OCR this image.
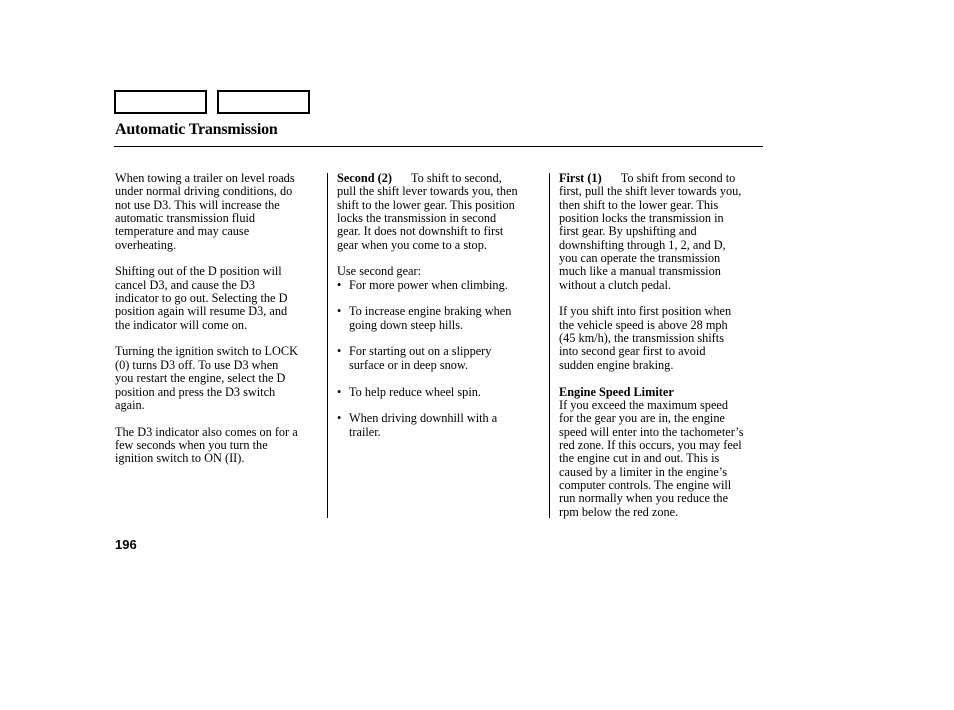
Automatic Transmission
When towing a trailer on level roads
under normal driving conditions, do
not use D3. This will increase the
automatic transmission fluid
temperature and may cause
overheating.
Shifting out of the D position will
cancel D3, and cause the D3
indicator to go out. Selecting the D
position again will resume D3, and
the indicator will come on.
Turning the ignition switch to LOCK
(0) turns D3 off. To use D3 when
you restart the engine, select the D
position and press the D3 switch
again.
The D3 indicator also comes on for a
few seconds when you turn the
ignition switch to ON (II).
Second (2) To shift to second,
pull the shift lever towards you, then
shift to the lower gear. This position
locks the transmission in second
gear. It does not downshift to first
gear when you come to a stop.
Use second gear:
• For more power when climbing.
• To increase engine braking when
going down steep hills.
• For starting out on a slippery
surface or in deep snow.
• To help reduce wheel spin.
• When driving downhill with a
trailer.
First (1) To shift from second to
first, pull the shift lever towards you,
then shift to the lower gear. This
position locks the transmission in
first gear. By upshifting and
downshifting through 1, 2, and D,
you can operate the transmission
much like a manual transmission
without a clutch pedal.
If you shift into first position when
the vehicle speed is above 28 mph
(45 km/h), the transmission shifts
into second gear first to avoid
sudden engine braking.
Engine Speed Limiter
If you exceed the maximum speed
for the gear you are in, the engine
speed will enter into the tachometer’s
red zone. If this occurs, you may feel
the engine cut in and out. This is
caused by a limiter in the engine’s
computer controls. The engine will
run normally when you reduce the
rpm below the red zone.
196
